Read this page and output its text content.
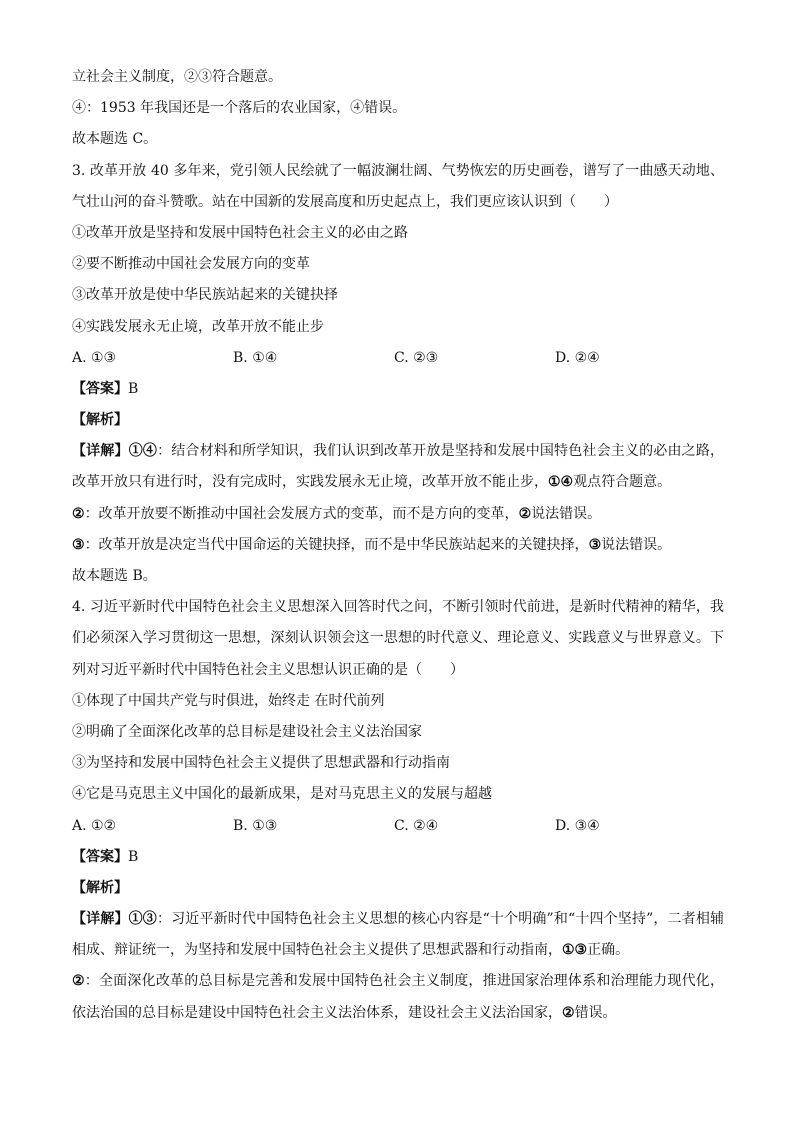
立社会主义制度，②③符合题意。
④：1953 年我国还是一个落后的农业国家，④错误。
故本题选 C。
3. 改革开放 40 多年来，党引领人民绘就了一幅波澜壮阔、气势恢宏的历史画卷，谱写了一曲感天动地、
气壮山河的奋斗赞歌。站在中国新的发展高度和历史起点上，我们更应该认识到（　　）
①改革开放是坚持和发展中国特色社会主义的必由之路
②要不断推动中国社会发展方向的变革
③改革开放是使中华民族站起来的关键抉择
④实践发展永无止境，改革开放不能止步
A. ①③	B. ①④	C. ②③	D. ②④
【答案】B
【解析】
【详解】①④：结合材料和所学知识，我们认识到改革开放是坚持和发展中国特色社会主义的必由之路，
改革开放只有进行时，没有完成时，实践发展永无止境，改革开放不能止步，①④观点符合题意。
②：改革开放要不断推动中国社会发展方式的变革，而不是方向的变革，②说法错误。
③：改革开放是决定当代中国命运的关键抉择，而不是中华民族站起来的关键抉择，③说法错误。
故本题选 B。
4. 习近平新时代中国特色社会主义思想深入回答时代之问，不断引领时代前进，是新时代精神的精华，我
们必须深入学习贯彻这一思想，深刻认识领会这一思想的时代意义、理论意义、实践意义与世界意义。下
列对习近平新时代中国特色社会主义思想认识正确的是（　　）
①体现了中国共产党与时俱进，始终走 在时代前列
②明确了全面深化改革的总目标是建设社会主义法治国家
③为坚持和发展中国特色社会主义提供了思想武器和行动指南
④它是马克思主义中国化的最新成果，是对马克思主义的发展与超越
A. ①②	B. ①③	C. ②④	D. ③④
【答案】B
【解析】
【详解】①③：习近平新时代中国特色社会主义思想的核心内容是“十个明确”和“十四个坚持”，二者相辅
相成、辩证统一，为坚持和发展中国特色社会主义提供了思想武器和行动指南，①③正确。
②：全面深化改革的总目标是完善和发展中国特色社会主义制度，推进国家治理体系和治理能力现代化，
依法治国的总目标是建设中国特色社会主义法治体系，建设社会主义法治国家，②错误。
